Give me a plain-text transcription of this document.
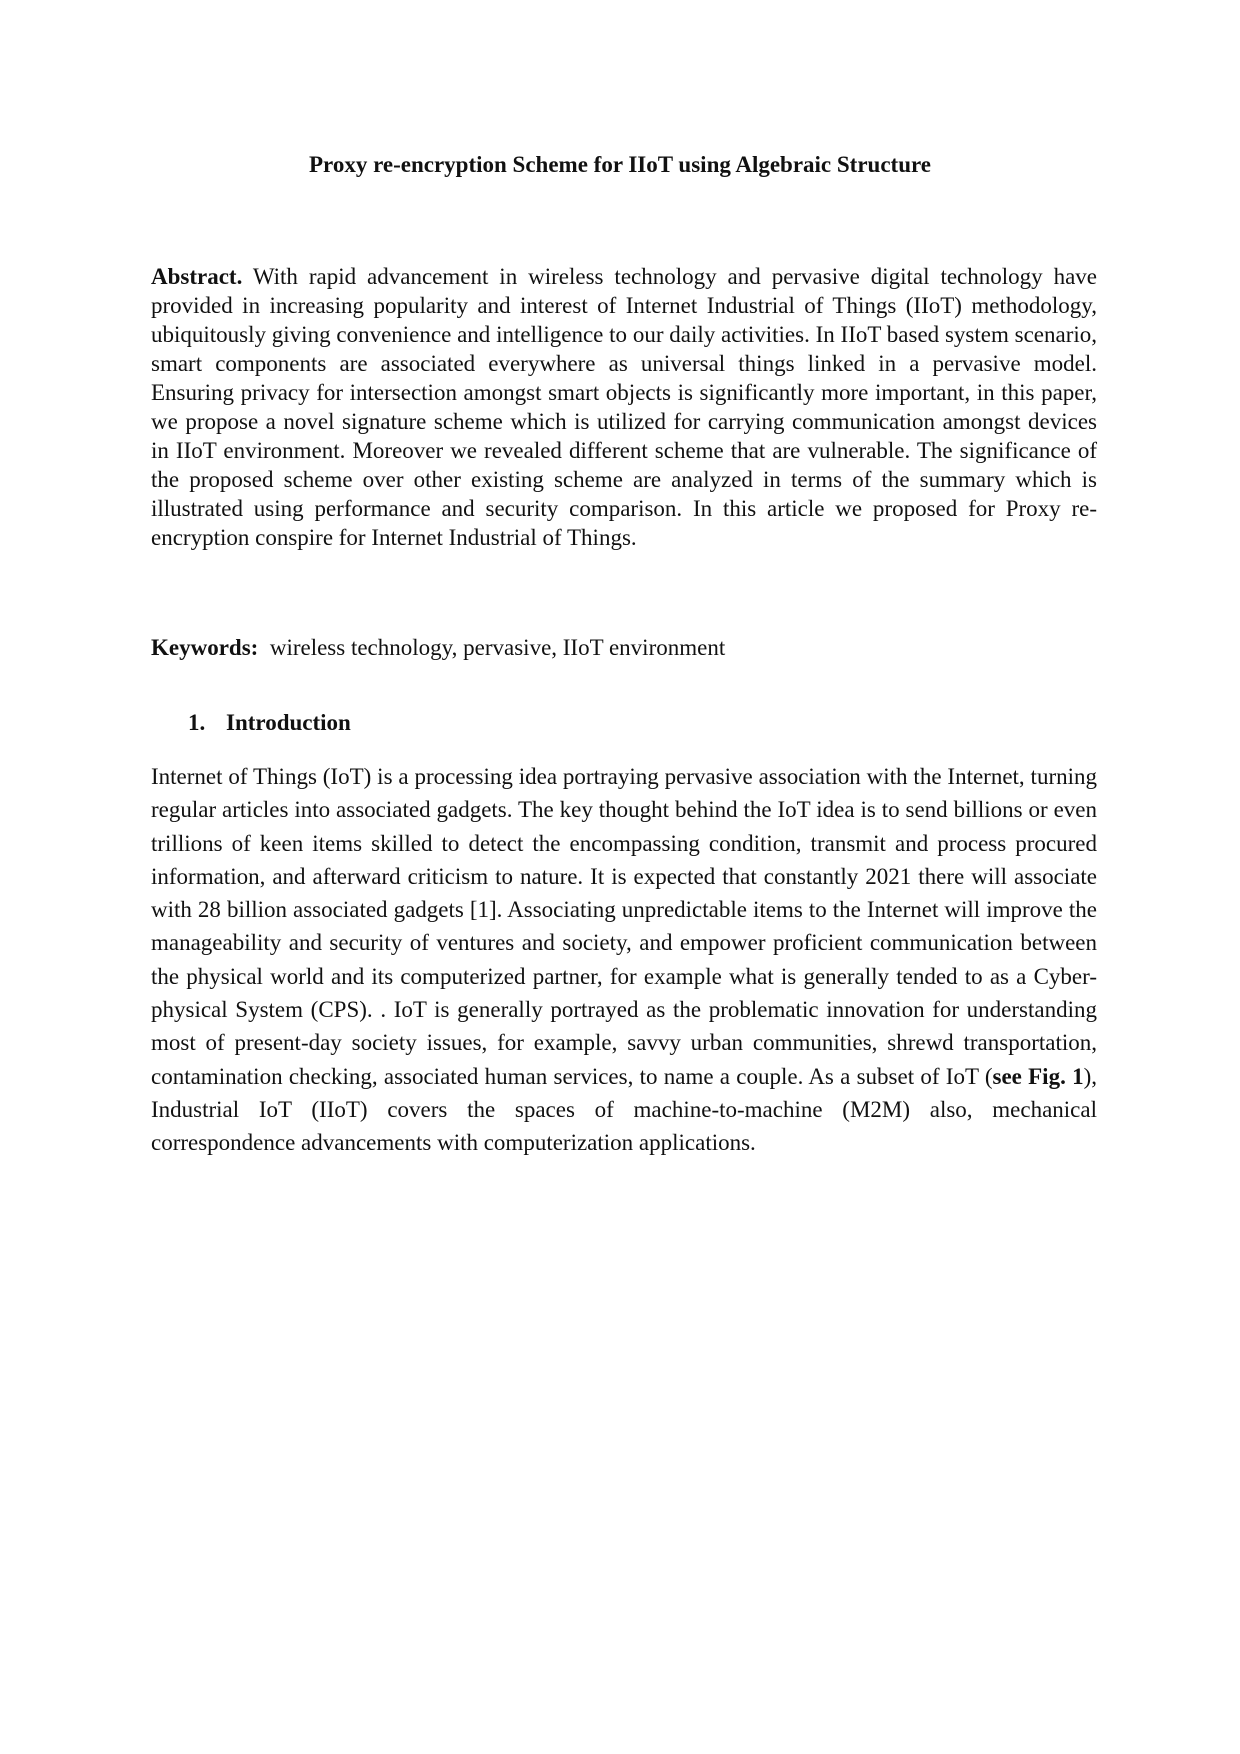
Proxy re-encryption Scheme for IIoT using Algebraic Structure

Abstract. With rapid advancement in wireless technology and pervasive digital technology have provided in increasing popularity and interest of Internet Industrial of Things (IIoT) methodology, ubiquitously giving convenience and intelligence to our daily activities. In IIoT based system scenario, smart components are associated everywhere as universal things linked in a pervasive model. Ensuring privacy for intersection amongst smart objects is significantly more important, in this paper, we propose a novel signature scheme which is utilized for carrying communication amongst devices in IIoT environment. Moreover we revealed different scheme that are vulnerable. The significance of the proposed scheme over other existing scheme are analyzed in terms of the summary which is illustrated using performance and security comparison. In this article we proposed for Proxy re-encryption conspire for Internet Industrial of Things.

Keywords: wireless technology, pervasive, IIoT environment

1. Introduction

Internet of Things (IoT) is a processing idea portraying pervasive association with the Internet, turning regular articles into associated gadgets. The key thought behind the IoT idea is to send billions or even trillions of keen items skilled to detect the encompassing condition, transmit and process procured information, and afterward criticism to nature. It is expected that constantly 2021 there will associate with 28 billion associated gadgets [1]. Associating unpredictable items to the Internet will improve the manageability and security of ventures and society, and empower proficient communication between the physical world and its computerized partner, for example what is generally tended to as a Cyber-physical System (CPS). . IoT is generally portrayed as the problematic innovation for understanding most of present-day society issues, for example, savvy urban communities, shrewd transportation, contamination checking, associated human services, to name a couple. As a subset of IoT (see Fig. 1), Industrial IoT (IIoT) covers the spaces of machine-to-machine (M2M) also, mechanical correspondence advancements with computerization applications.
